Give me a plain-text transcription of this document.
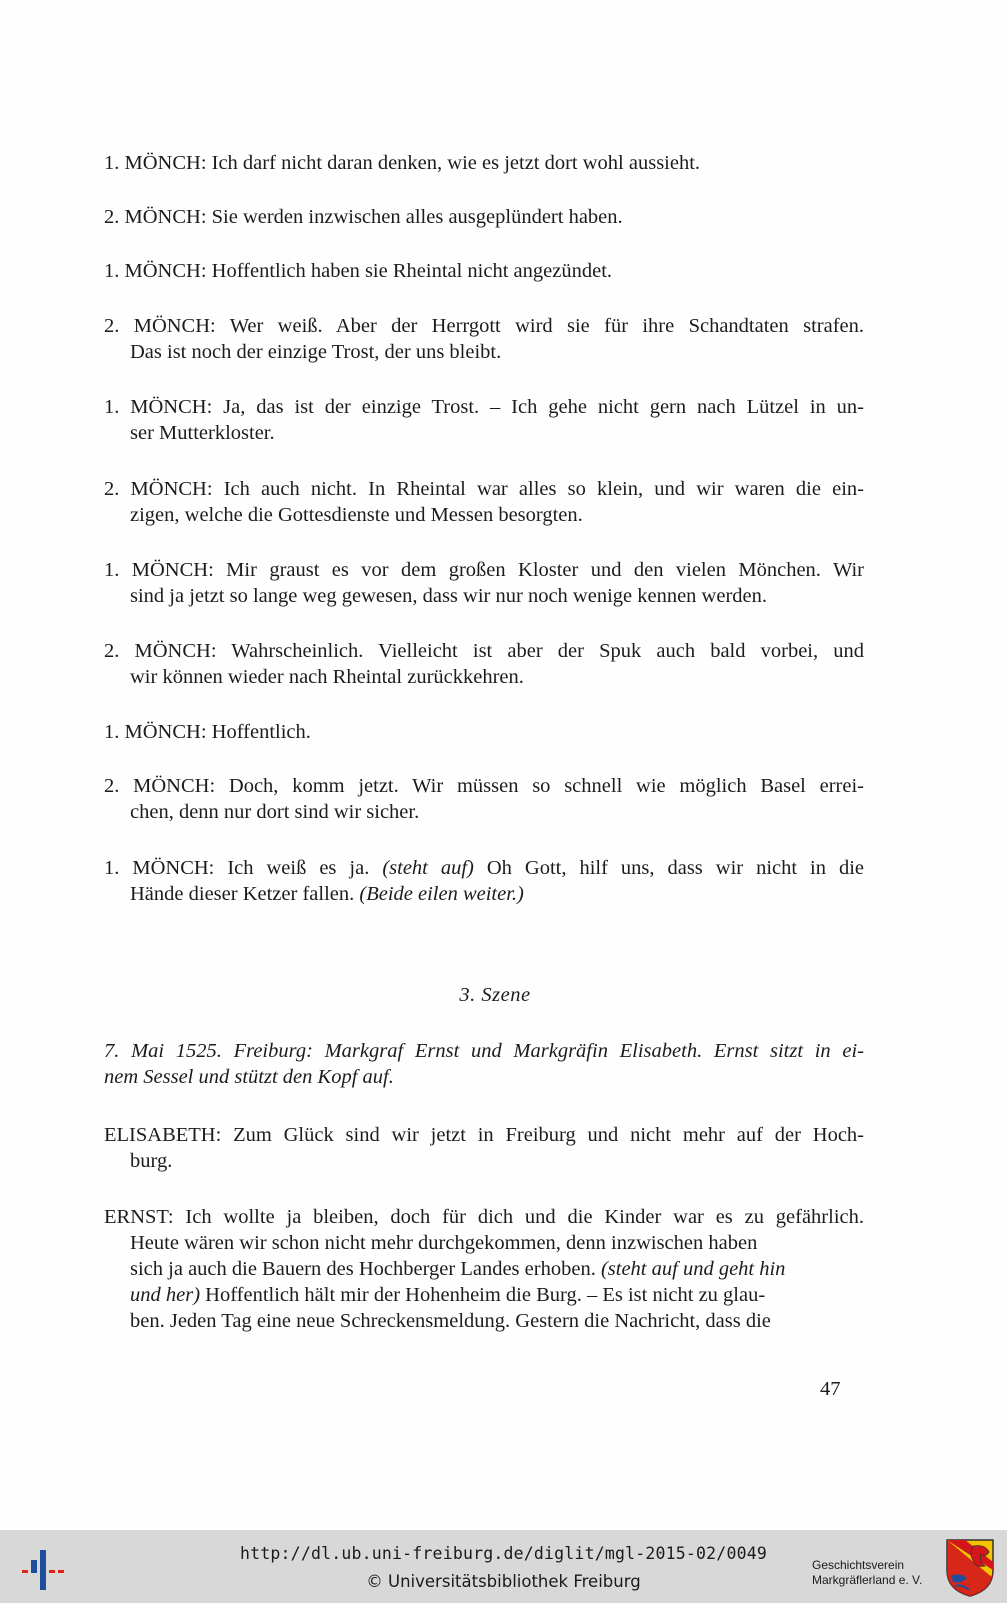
1. MÖNCH: Ich darf nicht daran denken, wie es jetzt dort wohl aussieht.
2. MÖNCH: Sie werden inzwischen alles ausgeplündert haben.
1. MÖNCH: Hoffentlich haben sie Rheintal nicht angezündet.
2. MÖNCH: Wer weiß. Aber der Herrgott wird sie für ihre Schandtaten strafen.
Das ist noch der einzige Trost, der uns bleibt.
1. MÖNCH: Ja, das ist der einzige Trost. – Ich gehe nicht gern nach Lützel in un-
ser Mutterkloster.
2. MÖNCH: Ich auch nicht. In Rheintal war alles so klein, und wir waren die ein-
zigen, welche die Gottesdienste und Messen besorgten.
1. MÖNCH: Mir graust es vor dem großen Kloster und den vielen Mönchen. Wir
sind ja jetzt so lange weg gewesen, dass wir nur noch wenige kennen werden.
2. MÖNCH: Wahrscheinlich. Vielleicht ist aber der Spuk auch bald vorbei, und
wir können wieder nach Rheintal zurückkehren.
1. MÖNCH: Hoffentlich.
2. MÖNCH: Doch, komm jetzt. Wir müssen so schnell wie möglich Basel errei-
chen, denn nur dort sind wir sicher.
1. MÖNCH: Ich weiß es ja. (steht auf) Oh Gott, hilf uns, dass wir nicht in die
Hände dieser Ketzer fallen. (Beide eilen weiter.)
3. Szene
7. Mai 1525. Freiburg: Markgraf Ernst und Markgräfin Elisabeth. Ernst sitzt in ei-
nem Sessel und stützt den Kopf auf.
ELISABETH: Zum Glück sind wir jetzt in Freiburg und nicht mehr auf der Hoch-
burg.
ERNST: Ich wollte ja bleiben, doch für dich und die Kinder war es zu gefährlich.
Heute wären wir schon nicht mehr durchgekommen, denn inzwischen haben
sich ja auch die Bauern des Hochberger Landes erhoben. (steht auf und geht hin
und her) Hoffentlich hält mir der Hohenheim die Burg. – Es ist nicht zu glau-
ben. Jeden Tag eine neue Schreckensmeldung. Gestern die Nachricht, dass die
47
http://dl.ub.uni-freiburg.de/diglit/mgl-2015-02/0049
© Universitätsbibliothek Freiburg
Geschichtsverein
Markgräflerland e. V.
